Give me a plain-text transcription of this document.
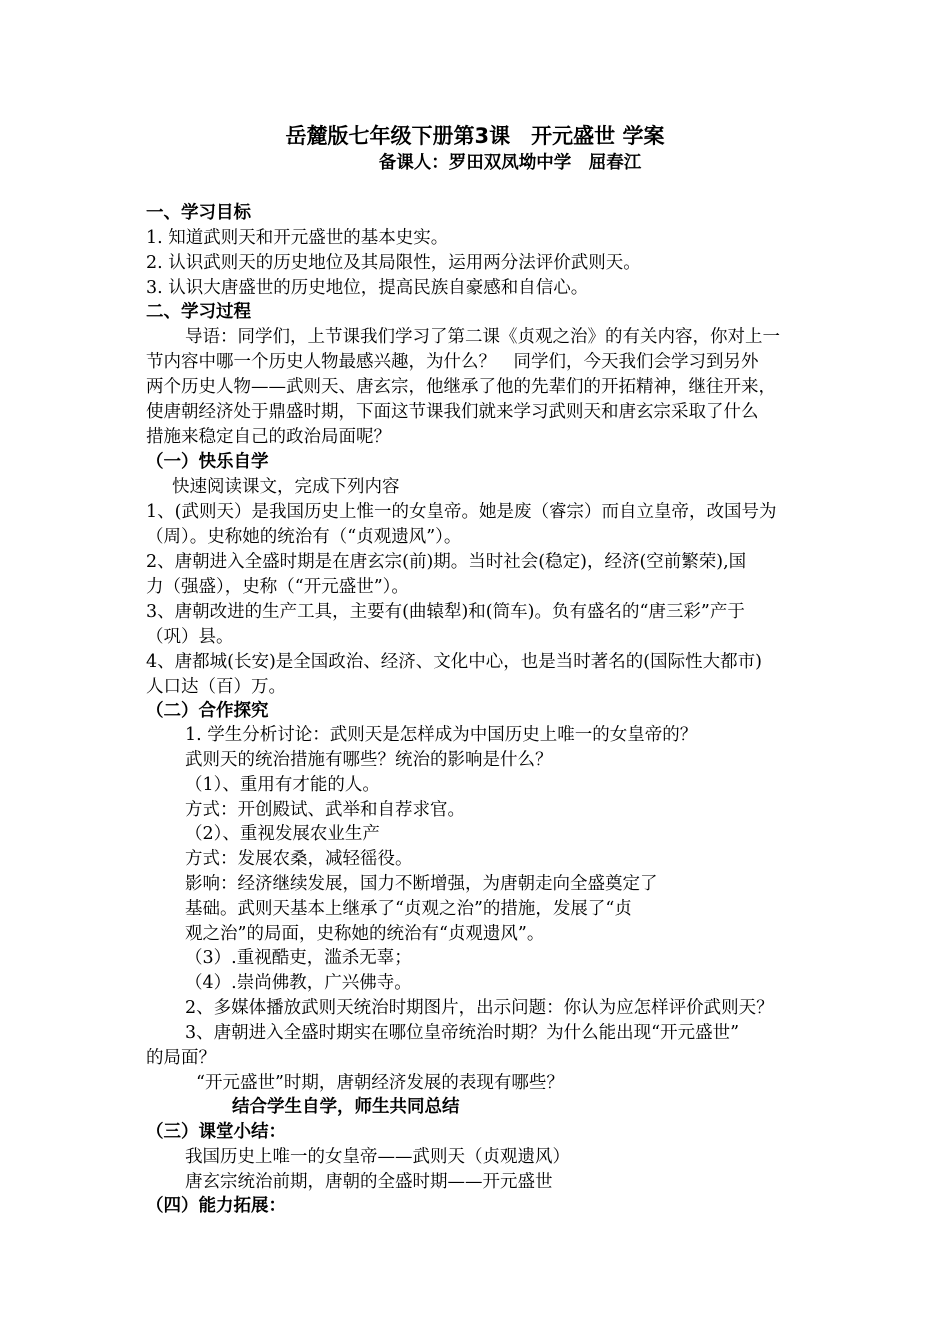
岳麓版七年级下册第3课　开元盛世 学案
备课人：罗田双凤坳中学　屈春江
一、学习目标
1. 知道武则天和开元盛世的基本史实。
2. 认识武则天的历史地位及其局限性，运用两分法评价武则天。
3. 认识大唐盛世的历史地位，提高民族自豪感和自信心。
二、学习过程
导语：同学们，上节课我们学习了第二课《贞观之治》的有关内容，你对上一
节内容中哪一个历史人物最感兴趣，为什么？　同学们，今天我们会学习到另外
两个历史人物——武则天、唐玄宗，他继承了他的先辈们的开拓精神，继往开来，
使唐朝经济处于鼎盛时期，下面这节课我们就来学习武则天和唐玄宗采取了什么
措施来稳定自己的政治局面呢？
（一）快乐自学
快速阅读课文，完成下列内容
1、(武则天）是我国历史上惟一的女皇帝。她是废（睿宗）而自立皇帝，改国号为
（周）。史称她的统治有（“贞观遗风”）。
2、唐朝进入全盛时期是在唐玄宗(前)期。当时社会(稳定)，经济(空前繁荣),国
力（强盛），史称（“开元盛世”）。
3、唐朝改进的生产工具，主要有(曲辕犁)和(筒车)。负有盛名的“唐三彩”产于
（巩）县。
4、唐都城(长安)是全国政治、经济、文化中心，也是当时著名的(国际性大都市)
人口达（百）万。
（二）合作探究
1. 学生分析讨论：武则天是怎样成为中国历史上唯一的女皇帝的？
武则天的统治措施有哪些？统治的影响是什么？
（1）、重用有才能的人。
方式：开创殿试、武举和自荐求官。
（2）、重视发展农业生产
方式：发展农桑，减轻徭役。
影响：经济继续发展，国力不断增强，为唐朝走向全盛奠定了
基础。武则天基本上继承了“贞观之治”的措施，发展了“贞
观之治”的局面，史称她的统治有“贞观遗风”。
（3）.重视酷吏，滥杀无辜；
（4）.崇尚佛教，广兴佛寺。
2、多媒体播放武则天统治时期图片，出示问题：你认为应怎样评价武则天？
3、唐朝进入全盛时期实在哪位皇帝统治时期？为什么能出现“开元盛世”
的局面？
“开元盛世”时期，唐朝经济发展的表现有哪些？
结合学生自学，师生共同总结
（三）课堂小结：
我国历史上唯一的女皇帝——武则天（贞观遗风）
唐玄宗统治前期，唐朝的全盛时期——开元盛世
（四）能力拓展：
